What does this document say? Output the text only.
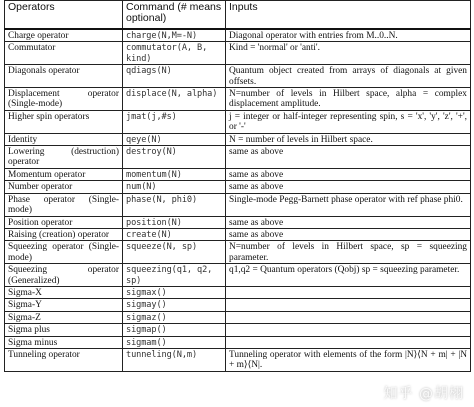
Operators	Command (# means optional)	Inputs
Charge operator	charge(N,M=-N)	Diagonal operator with entries from M..0..N.
Commutator	commutator(A, B, kind)	Kind = 'normal' or 'anti'.
Diagonals operator	qdiags(N)	Quantum object created from arrays of diagonals at given offsets.
Displacement operator (Single-mode)	displace(N, alpha)	N=number of levels in Hilbert space, alpha = complex displacement amplitude.
Higher spin operators	jmat(j,#s)	j = integer or half-integer representing spin, s = 'x', 'y', 'z', '+', or '-'
Identity	qeye(N)	N = number of levels in Hilbert space.
Lowering (destruction) operator	destroy(N)	same as above
Momentum operator	momentum(N)	same as above
Number operator	num(N)	same as above
Phase operator (Single-mode)	phase(N, phi0)	Single-mode Pegg-Barnett phase operator with ref phase phi0.
Position operator	position(N)	same as above
Raising (creation) operator	create(N)	same as above
Squeezing operator (Single-mode)	squeeze(N, sp)	N=number of levels in Hilbert space, sp = squeezing parameter.
Squeezing operator (Generalized)	squeezing(q1, q2, sp)	q1,q2 = Quantum operators (Qobj) sp = squeezing parameter.
Sigma-X	sigmax()	
Sigma-Y	sigmay()	
Sigma-Z	sigmaz()	
Sigma plus	sigmap()	
Sigma minus	sigmam()	
Tunneling operator	tunneling(N,m)	Tunneling operator with elements of the form |N⟩⟨N + m| + |N + m⟩⟨N|.
知乎 @胡栩
